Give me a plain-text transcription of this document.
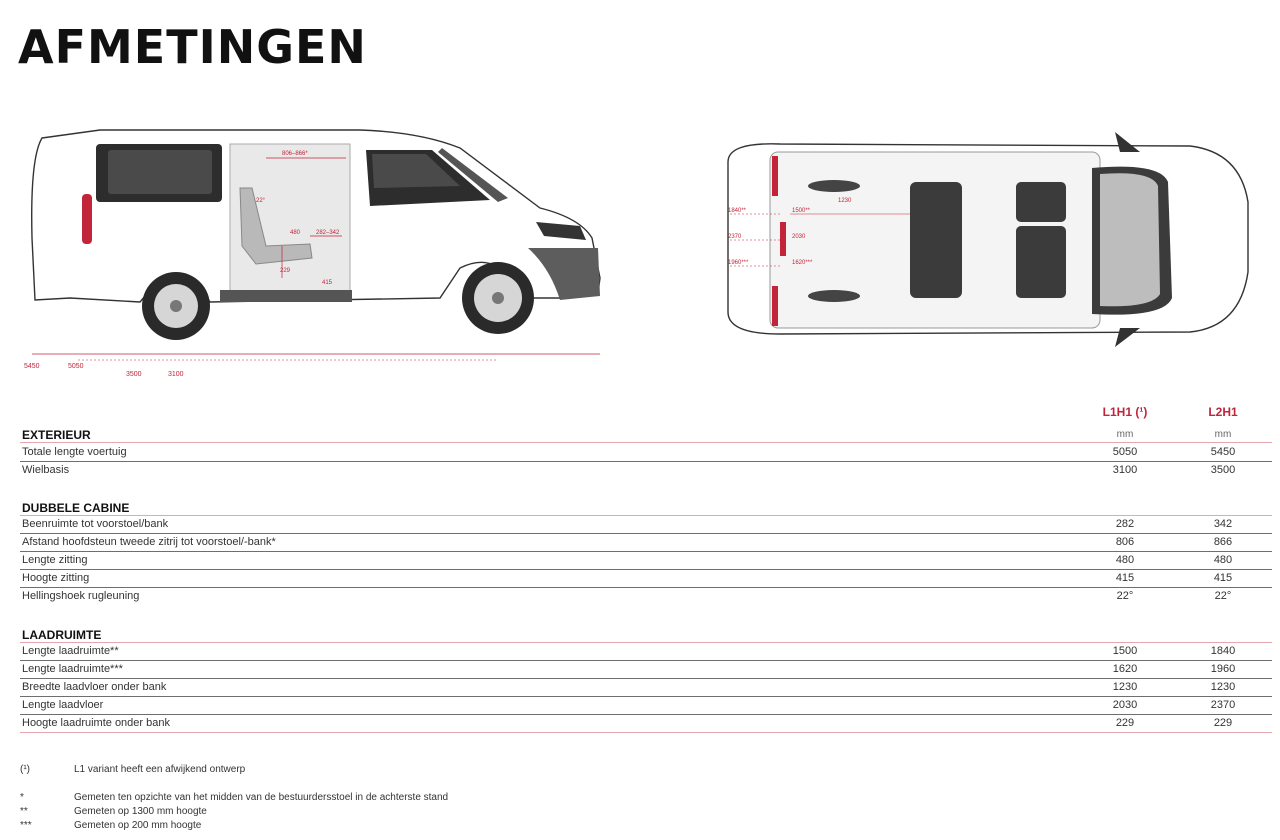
AFMETINGEN
806–866*
22°
480	282–342
229
415
5450	5050
3500	3100
1840**
2370
1960***
1500**
2030
1620***
1230
L1H1 (¹)	L2H1
EXTERIEUR	mm	mm
Totale lengte voertuig	5050	5450
Wielbasis	3100	3500
DUBBELE CABINE
Beenruimte tot voorstoel/bank	282	342
Afstand hoofdsteun tweede zitrij tot voorstoel/-bank*	806	866
Lengte zitting	480	480
Hoogte zitting	415	415
Hellingshoek rugleuning	22°	22°
LAADRUIMTE
Lengte laadruimte**	1500	1840
Lengte laadruimte***	1620	1960
Breedte laadvloer onder bank	1230	1230
Lengte laadvloer	2030	2370
Hoogte laadruimte onder bank	229	229
(¹)	L1 variant heeft een afwijkend ontwerp
*	Gemeten ten opzichte van het midden van de bestuurdersstoel in de achterste stand
**	Gemeten op 1300 mm hoogte
***	Gemeten op 200 mm hoogte
